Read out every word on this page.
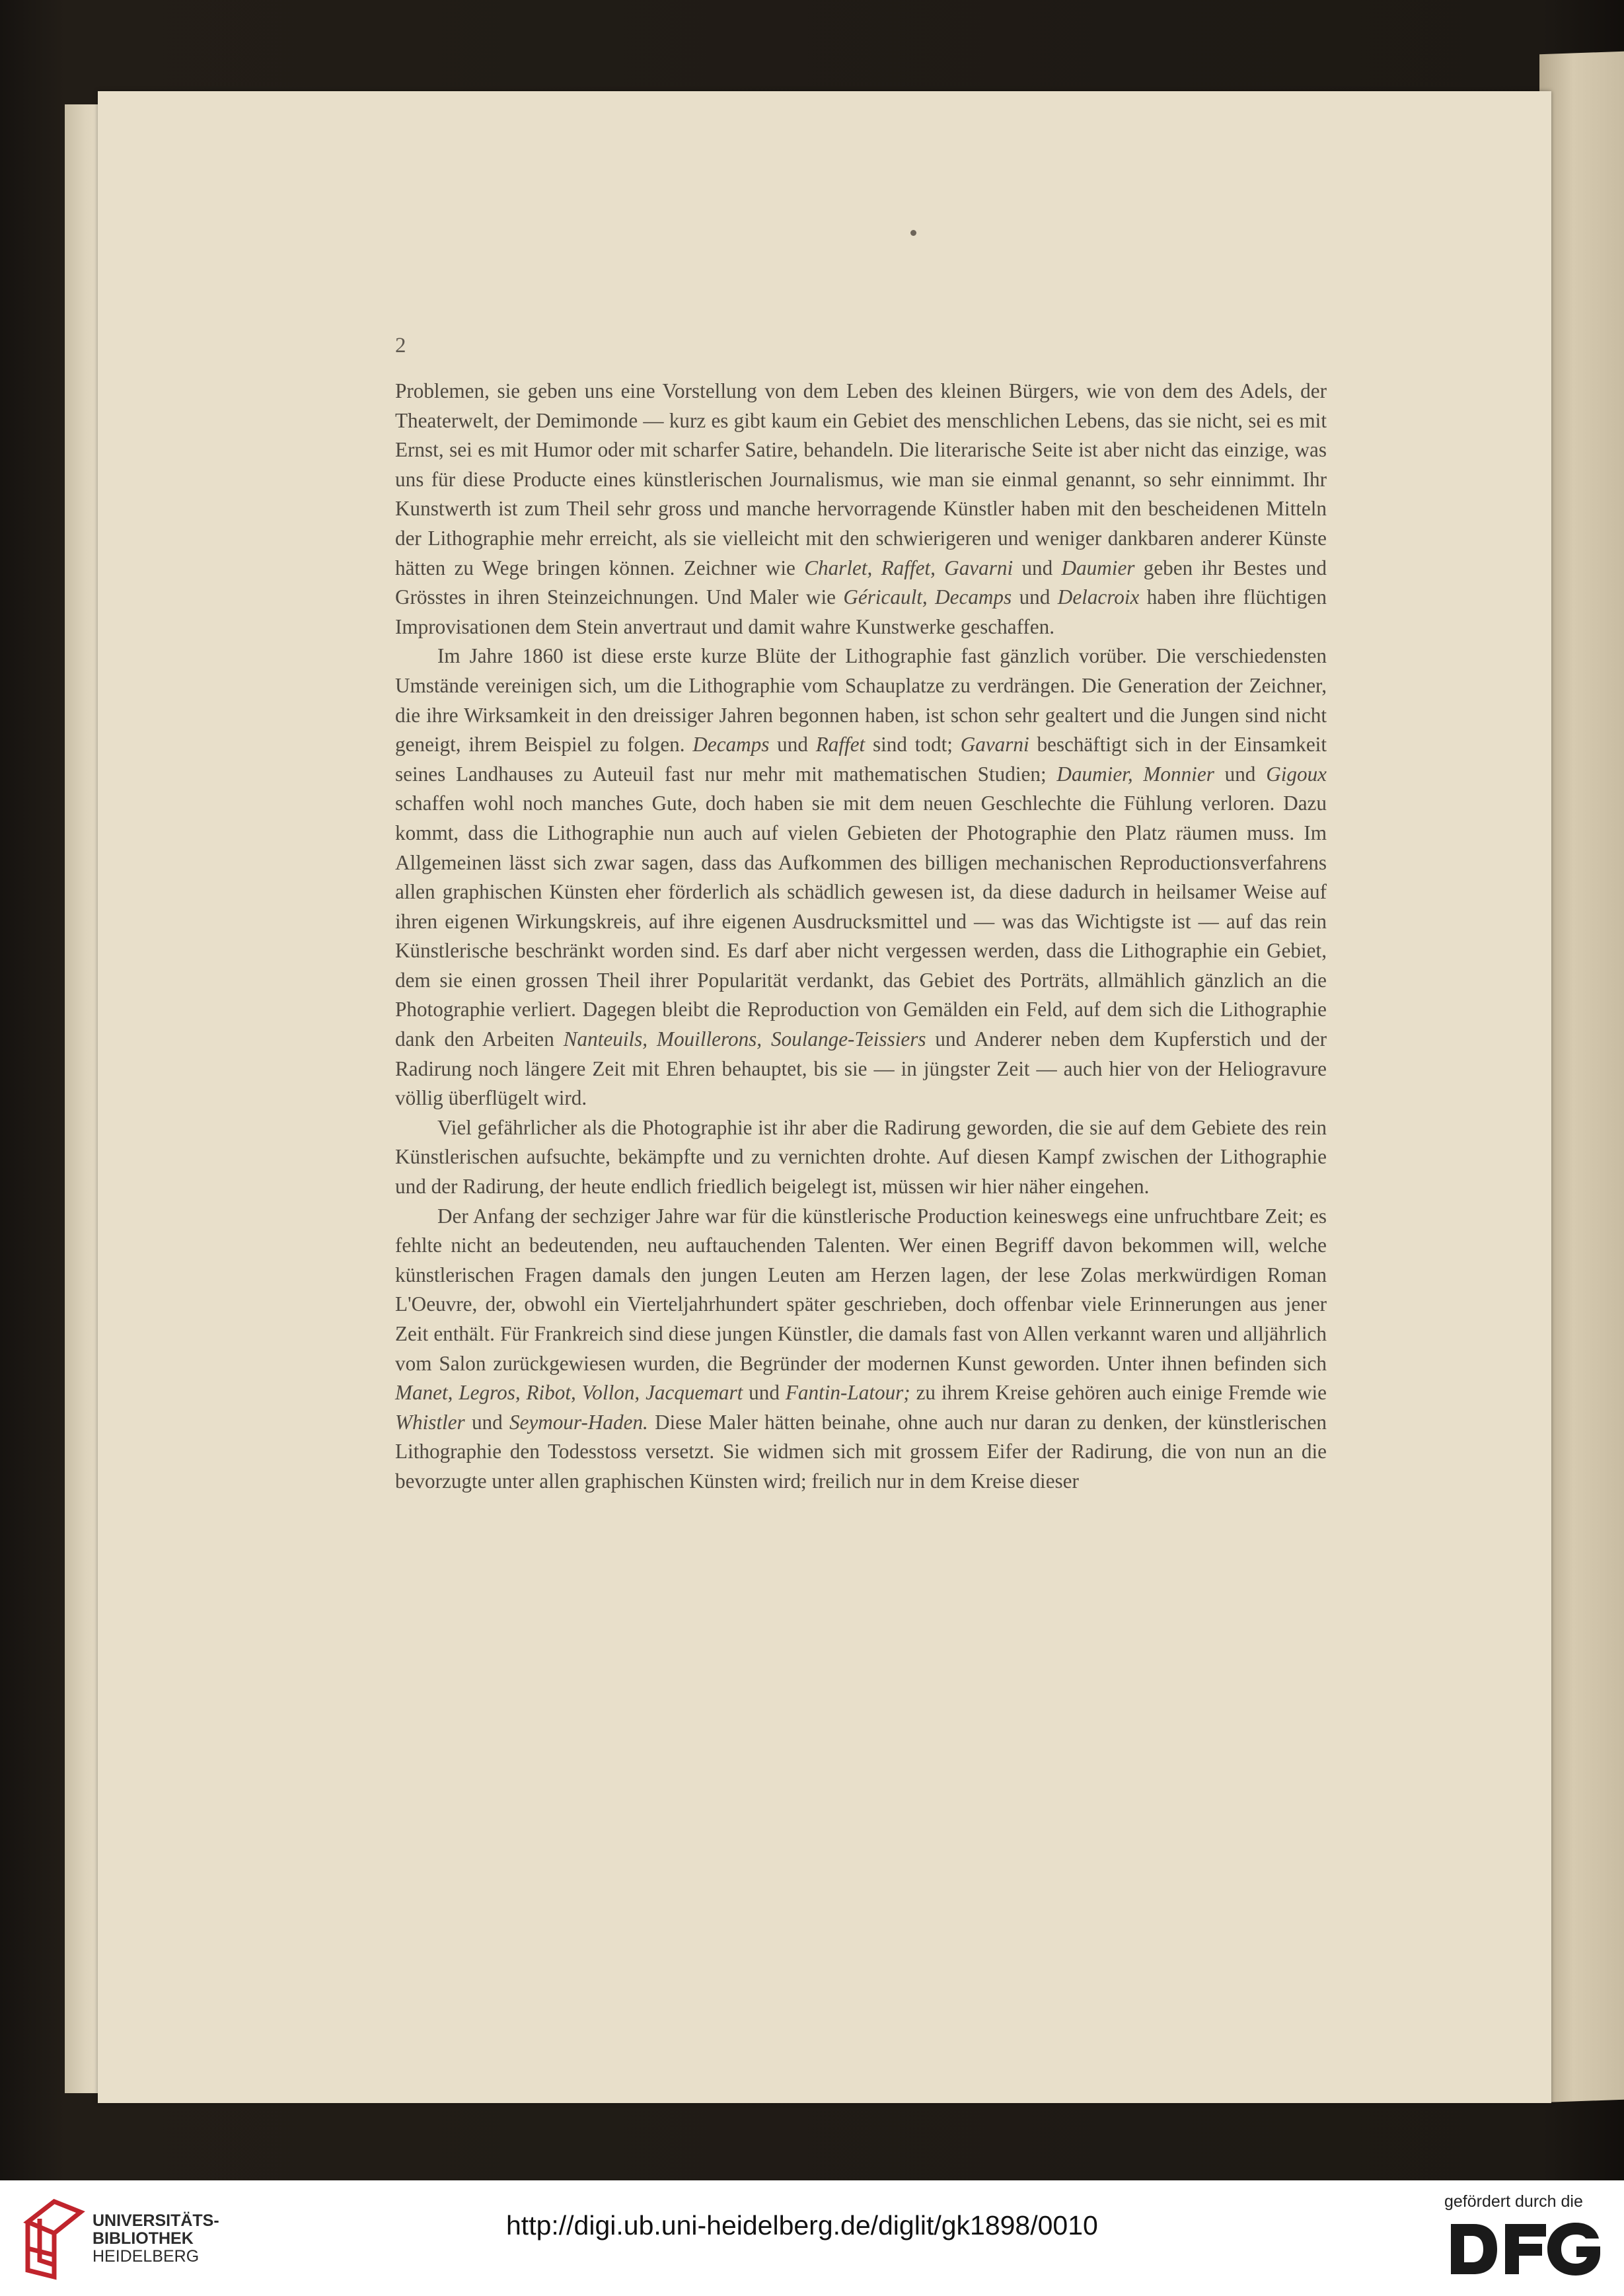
2

Problemen, sie geben uns eine Vorstellung von dem Leben des kleinen Bürgers, wie von dem des Adels, der Theaterwelt, der Demimonde — kurz es gibt kaum ein Gebiet des menschlichen Lebens, das sie nicht, sei es mit Ernst, sei es mit Humor oder mit scharfer Satire, behandeln. Die literarische Seite ist aber nicht das einzige, was uns für diese Producte eines künstlerischen Journalismus, wie man sie einmal genannt, so sehr einnimmt. Ihr Kunstwerth ist zum Theil sehr gross und manche hervorragende Künstler haben mit den bescheidenen Mitteln der Lithographie mehr erreicht, als sie vielleicht mit den schwierigeren und weniger dankbaren anderer Künste hätten zu Wege bringen können. Zeichner wie Charlet, Raffet, Gavarni und Daumier geben ihr Bestes und Grösstes in ihren Steinzeichnungen. Und Maler wie Géricault, Decamps und Delacroix haben ihre flüchtigen Improvisationen dem Stein anvertraut und damit wahre Kunstwerke geschaffen.

Im Jahre 1860 ist diese erste kurze Blüte der Lithographie fast gänzlich vorüber. Die verschiedensten Umstände vereinigen sich, um die Lithographie vom Schauplatze zu verdrängen. Die Generation der Zeichner, die ihre Wirksamkeit in den dreissiger Jahren begonnen haben, ist schon sehr gealtert und die Jungen sind nicht geneigt, ihrem Beispiel zu folgen. Decamps und Raffet sind todt; Gavarni beschäftigt sich in der Einsamkeit seines Landhauses zu Auteuil fast nur mehr mit mathematischen Studien; Daumier, Monnier und Gigoux schaffen wohl noch manches Gute, doch haben sie mit dem neuen Geschlechte die Fühlung verloren. Dazu kommt, dass die Lithographie nun auch auf vielen Gebieten der Photographie den Platz räumen muss. Im Allgemeinen lässt sich zwar sagen, dass das Aufkommen des billigen mechanischen Reproductionsverfahrens allen graphischen Künsten eher förderlich als schädlich gewesen ist, da diese dadurch in heilsamer Weise auf ihren eigenen Wirkungskreis, auf ihre eigenen Ausdrucksmittel und — was das Wichtigste ist — auf das rein Künstlerische beschränkt worden sind. Es darf aber nicht vergessen werden, dass die Lithographie ein Gebiet, dem sie einen grossen Theil ihrer Popularität verdankt, das Gebiet des Porträts, allmählich gänzlich an die Photographie verliert. Dagegen bleibt die Reproduction von Gemälden ein Feld, auf dem sich die Lithographie dank den Arbeiten Nanteuils, Mouillerons, Soulange-Teissiers und Anderer neben dem Kupferstich und der Radirung noch längere Zeit mit Ehren behauptet, bis sie — in jüngster Zeit — auch hier von der Heliogravure völlig überflügelt wird.

Viel gefährlicher als die Photographie ist ihr aber die Radirung geworden, die sie auf dem Gebiete des rein Künstlerischen aufsuchte, bekämpfte und zu vernichten drohte. Auf diesen Kampf zwischen der Lithographie und der Radirung, der heute endlich friedlich beigelegt ist, müssen wir hier näher eingehen.

Der Anfang der sechziger Jahre war für die künstlerische Production keineswegs eine unfruchtbare Zeit; es fehlte nicht an bedeutenden, neu auftauchenden Talenten. Wer einen Begriff davon bekommen will, welche künstlerischen Fragen damals den jungen Leuten am Herzen lagen, der lese Zolas merkwürdigen Roman L'Oeuvre, der, obwohl ein Vierteljahrhundert später geschrieben, doch offenbar viele Erinnerungen aus jener Zeit enthält. Für Frankreich sind diese jungen Künstler, die damals fast von Allen verkannt waren und alljährlich vom Salon zurückgewiesen wurden, die Begründer der modernen Kunst geworden. Unter ihnen befinden sich Manet, Legros, Ribot, Vollon, Jacquemart und Fantin-Latour; zu ihrem Kreise gehören auch einige Fremde wie Whistler und Seymour-Haden. Diese Maler hätten beinahe, ohne auch nur daran zu denken, der künstlerischen Lithographie den Todesstoss versetzt. Sie widmen sich mit grossem Eifer der Radirung, die von nun an die bevorzugte unter allen graphischen Künsten wird; freilich nur in dem Kreise dieser

UNIVERSITÄTS-
BIBLIOTHEK
HEIDELBERG
http://digi.ub.uni-heidelberg.de/diglit/gk1898/0010
gefördert durch die
